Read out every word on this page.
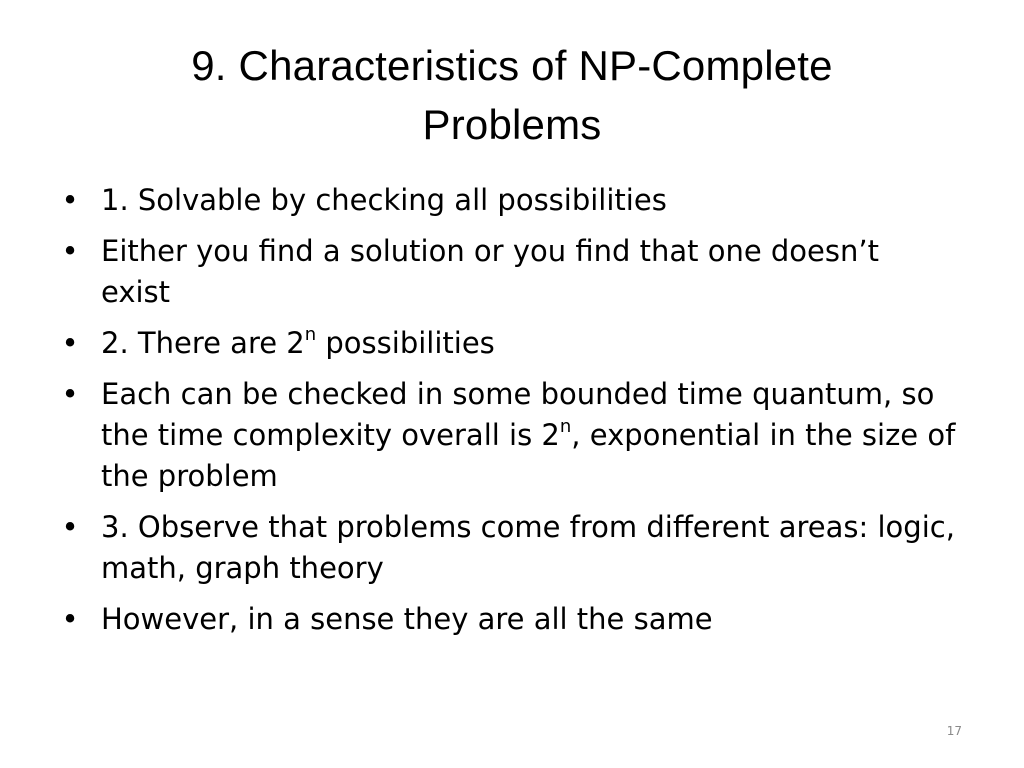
9. Characteristics of NP-Complete
Problems
• 1. Solvable by checking all possibilities
• Either you find a solution or you find that one doesn’t exist
• 2. There are 2$^n$ possibilities
• Each can be checked in some bounded time quantum, so the time complexity overall is 2$^n$, exponential in the size of the problem
• 3. Observe that problems come from different areas: logic, math, graph theory
• However, in a sense they are all the same
17
